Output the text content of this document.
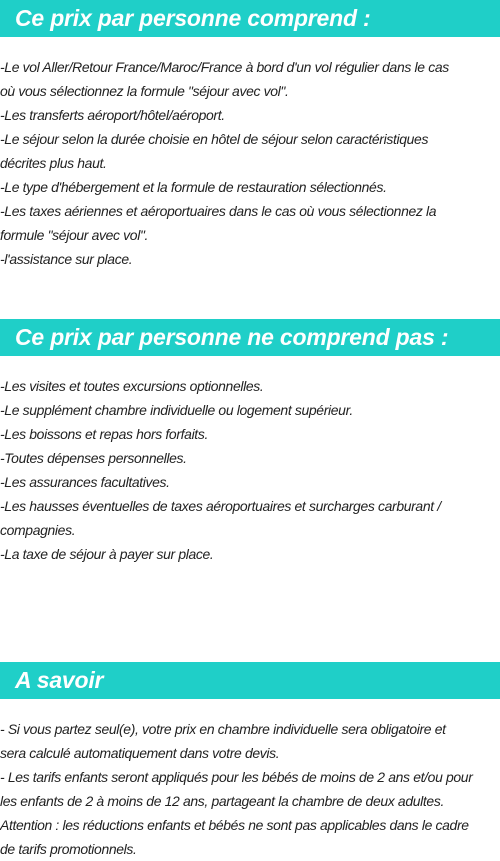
Ce prix par personne comprend :
-Le vol Aller/Retour France/Maroc/France à bord d'un vol régulier dans le cas
où vous sélectionnez la formule "séjour avec vol".
-Les transferts aéroport/hôtel/aéroport.
-Le séjour selon la durée choisie en hôtel de séjour selon caractéristiques
décrites plus haut.
-Le type d'hébergement et la formule de restauration sélectionnés.
-Les taxes aériennes et aéroportuaires dans le cas où vous sélectionnez la
formule "séjour avec vol".
-l'assistance sur place.
Ce prix par personne ne comprend pas :
-Les visites et toutes excursions optionnelles.
-Le supplément chambre individuelle ou logement supérieur.
-Les boissons et repas hors forfaits.
-Toutes dépenses personnelles.
-Les assurances facultatives.
-Les hausses éventuelles de taxes aéroportuaires et surcharges carburant /
compagnies.
-La taxe de séjour à payer sur place.
A savoir
- Si vous partez seul(e), votre prix en chambre individuelle sera obligatoire et
sera calculé automatiquement dans votre devis.
- Les tarifs enfants seront appliqués pour les bébés de moins de 2 ans et/ou pour
les enfants de 2 à moins de 12 ans, partageant la chambre de deux adultes.
Attention : les réductions enfants et bébés ne sont pas applicables dans le cadre
de tarifs promotionnels.
